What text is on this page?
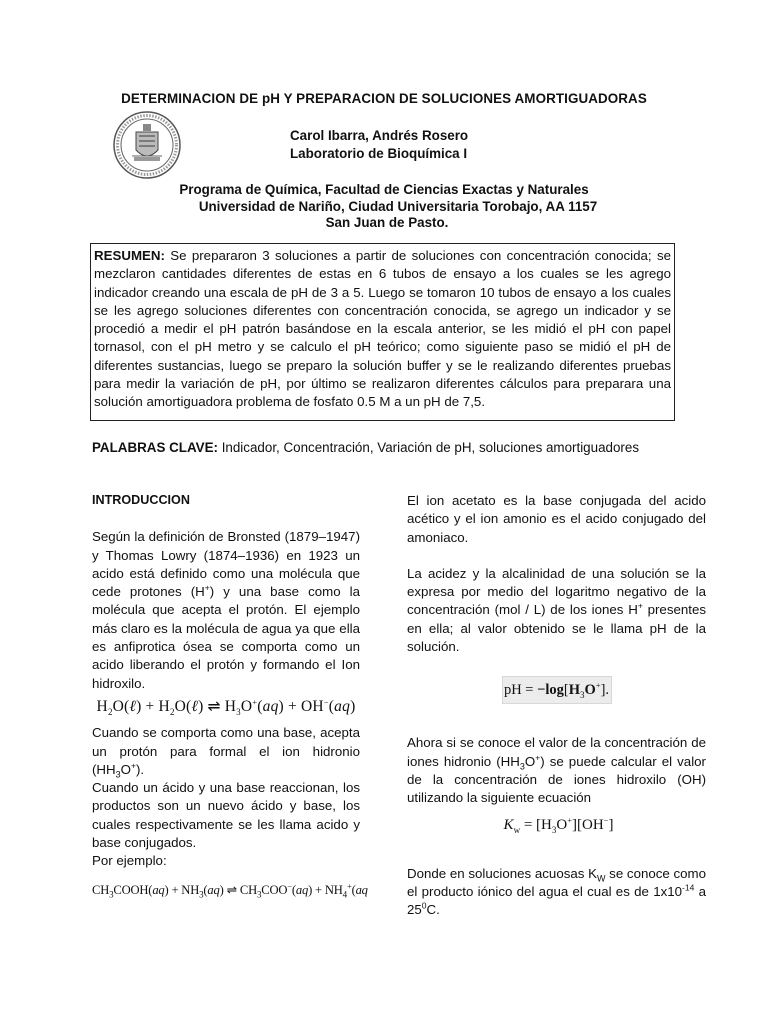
DETERMINACION DE pH Y PREPARACION DE SOLUCIONES AMORTIGUADORAS
Carol Ibarra, Andrés Rosero
Laboratorio de Bioquímica I
Programa de Química, Facultad de Ciencias Exactas y Naturales
Universidad de Nariño, Ciudad Universitaria Torobajo, AA 1157
San Juan de Pasto.
RESUMEN: Se prepararon 3 soluciones a partir de soluciones con concentración conocida; se mezclaron cantidades diferentes de estas en 6 tubos de ensayo a los cuales se les agrego indicador creando una escala de pH de 3 a 5. Luego se tomaron 10 tubos de ensayo a los cuales se les agrego soluciones diferentes con concentración conocida, se agrego un indicador y se procedió a medir el pH patrón basándose en la escala anterior, se les midió el pH con papel tornasol, con el pH metro y se calculo el pH teórico; como siguiente paso se midió el pH de diferentes sustancias, luego se preparo la solución buffer y se le realizando diferentes pruebas para medir la variación de pH, por último se realizaron diferentes cálculos para preparara una solución amortiguadora problema de fosfato 0.5 M a un pH de 7,5.
PALABRAS CLAVE: Indicador, Concentración, Variación de pH, soluciones amortiguadores
INTRODUCCION

Según la definición de Bronsted (1879–1947) y Thomas Lowry (1874–1936) en 1923 un acido está definido como una molécula que cede protones (H+) y una base como la molécula que acepta el protón. El ejemplo más claro es la molécula de agua ya que ella es anfiprotica ósea se comporta como un acido liberando el protón y formando el Ion hidroxilo.

$H_2O(\ell)$ + $H_2O(\ell)$ ⇌ $H_3O^+(aq) + OH^-(aq)$

Cuando se comporta como una base, acepta un protón para formal el ion hidronio $(HH_3O^+)$.

Cuando un ácido y una base reaccionan, los productos son un nuevo ácido y base, los cuales respectivamente se les llama acido y base conjugados.

Por ejemplo:

$CH_3COOH(aq) + NH_3(aq)$ ⇌ $CH_3COO^-(aq) + NH_4^+(aq$

El ion acetato es la base conjugada del acido acético y el ion amonio es el acido conjugado del amoniaco.

La acidez y la alcalinidad de una solución se la expresa por medio del logaritmo negativo de la concentración (mol / L) de los iones H+ presentes en ella; al valor obtenido se le llama pH de la solución.

pH = $-\log[H_3O^+]$.

Ahora si se conoce el valor de la concentración de iones hidronio $(HH_3O^+)$ se puede calcular el valor de la concentración de iones hidroxilo (OH) utilizando la siguiente ecuación

$K_w = [H_3O^+][OH^-]$

Donde en soluciones acuosas $K_W$ se conoce como el producto iónico del agua el cual es de $1x10^{-14}$ a $25^0C$.
